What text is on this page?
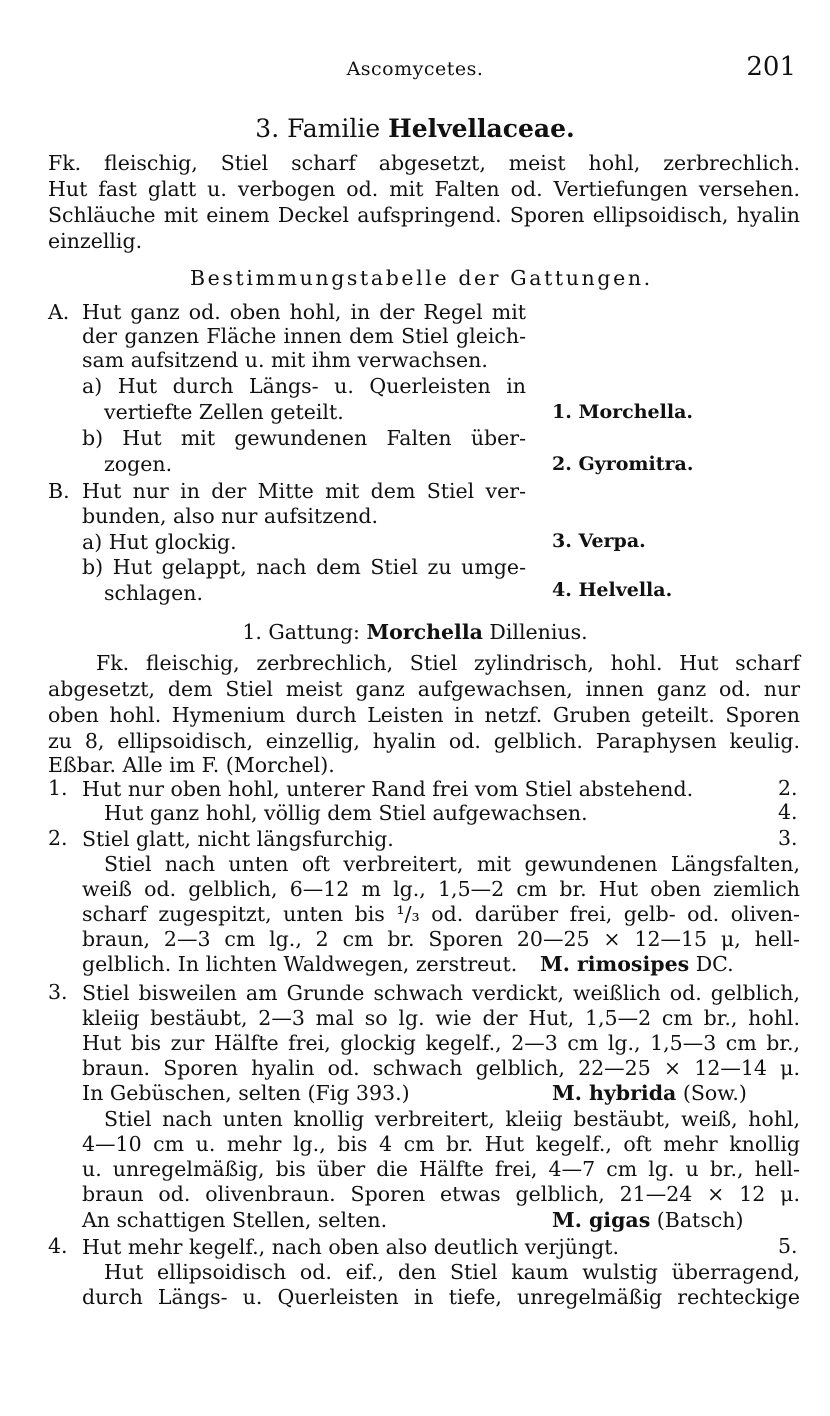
Ascomycetes.	201
3. Familie Helvellaceae.
Fk. fleischig, Stiel scharf abgesetzt, meist hohl, zerbrechlich.
Hut fast glatt u. verbogen od. mit Falten od. Vertiefungen versehen.
Schläuche mit einem Deckel aufspringend. Sporen ellipsoidisch, hyalin
einzellig.
Bestimmungstabelle der Gattungen.
A. Hut ganz od. oben hohl, in der Regel mit
der ganzen Fläche innen dem Stiel gleich-
sam aufsitzend u. mit ihm verwachsen.
a) Hut durch Längs- u. Querleisten in
vertiefte Zellen geteilt.	1. Morchella.
b) Hut mit gewundenen Falten über-
zogen.	2. Gyromitra.
B. Hut nur in der Mitte mit dem Stiel ver-
bunden, also nur aufsitzend.
a) Hut glockig.	3. Verpa.
b) Hut gelappt, nach dem Stiel zu umge-
schlagen.	4. Helvella.
1. Gattung: Morchella Dillenius.
Fk. fleischig, zerbrechlich, Stiel zylindrisch, hohl. Hut scharf
abgesetzt, dem Stiel meist ganz aufgewachsen, innen ganz od. nur
oben hohl. Hymenium durch Leisten in netzf. Gruben geteilt. Sporen
zu 8, ellipsoidisch, einzellig, hyalin od. gelblich. Paraphysen keulig.
Eßbar. Alle im F. (Morchel).
1. Hut nur oben hohl, unterer Rand frei vom Stiel abstehend.	2.
Hut ganz hohl, völlig dem Stiel aufgewachsen.	4.
2. Stiel glatt, nicht längsfurchig.	3.
Stiel nach unten oft verbreitert, mit gewundenen Längsfalten,
weiß od. gelblich, 6—12 m lg., 1,5—2 cm br. Hut oben ziemlich
scharf zugespitzt, unten bis ¹/₃ od. darüber frei, gelb- od. oliven-
braun, 2—3 cm lg., 2 cm br. Sporen 20—25 × 12—15 μ, hell-
gelblich. In lichten Waldwegen, zerstreut. M. rimosipes DC.
3. Stiel bisweilen am Grunde schwach verdickt, weißlich od. gelblich,
kleiig bestäubt, 2—3 mal so lg. wie der Hut, 1,5—2 cm br., hohl.
Hut bis zur Hälfte frei, glockig kegelf., 2—3 cm lg., 1,5—3 cm br.,
braun. Sporen hyalin od. schwach gelblich, 22—25 × 12—14 μ.
In Gebüschen, selten (Fig 393.)	M. hybrida (Sow.)
Stiel nach unten knollig verbreitert, kleiig bestäubt, weiß, hohl,
4—10 cm u. mehr lg., bis 4 cm br. Hut kegelf., oft mehr knollig
u. unregelmäßig, bis über die Hälfte frei, 4—7 cm lg. u br., hell-
braun od. olivenbraun. Sporen etwas gelblich, 21—24 × 12 μ.
An schattigen Stellen, selten.	M. gigas (Batsch)
4. Hut mehr kegelf., nach oben also deutlich verjüngt.	5.
Hut ellipsoidisch od. eif., den Stiel kaum wulstig überragend,
durch Längs- u. Querleisten in tiefe, unregelmäßig rechteckige
